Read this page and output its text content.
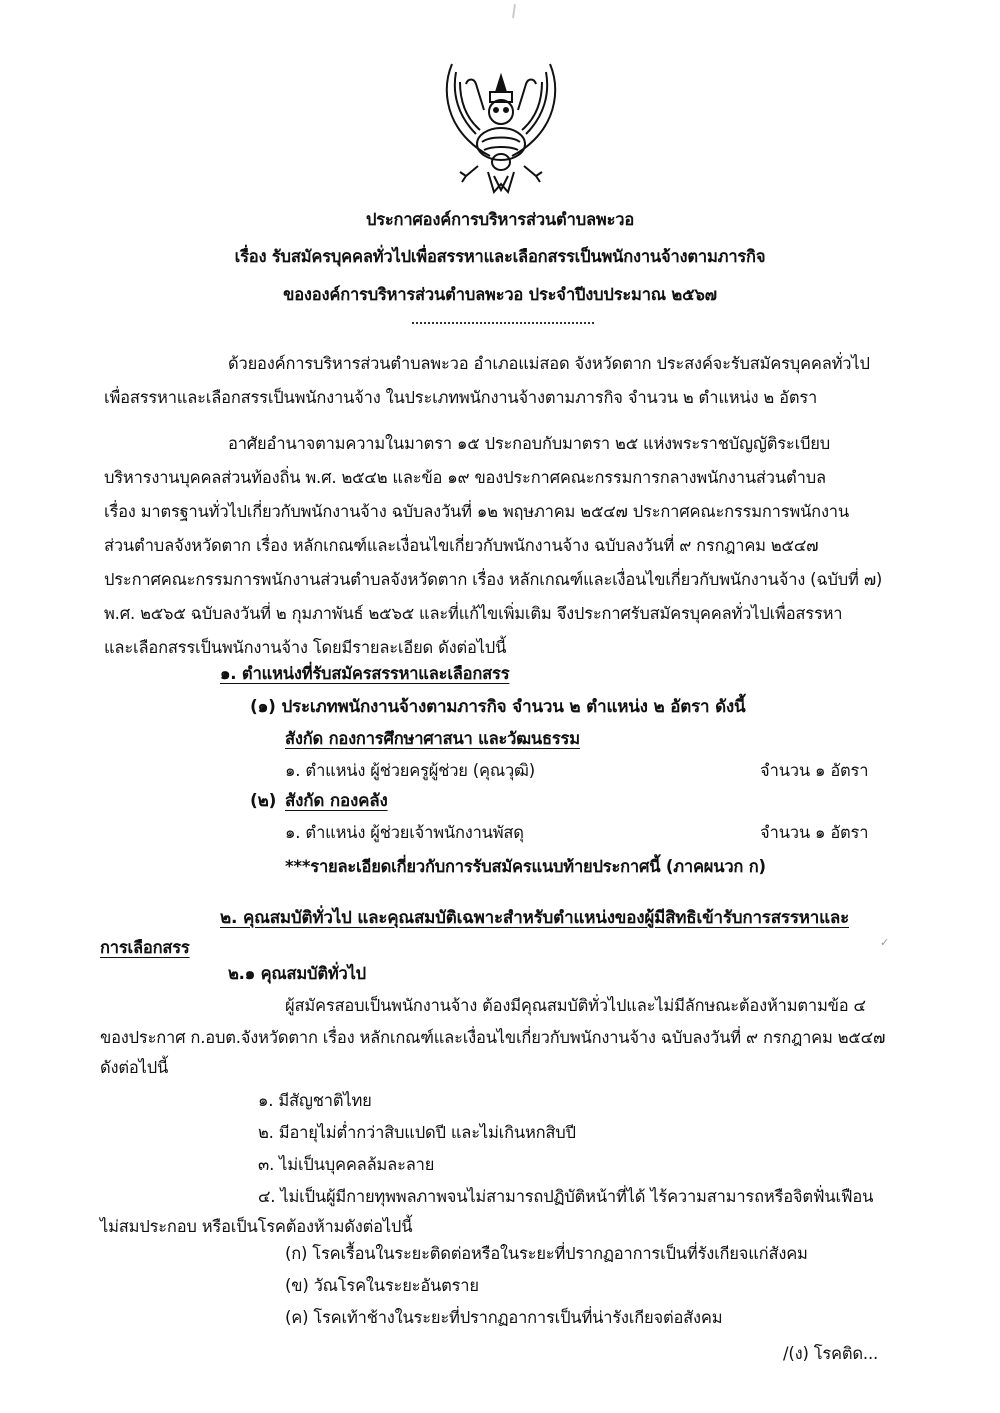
ประกาศองค์การบริหารส่วนตำบลพะวอ
เรื่อง รับสมัครบุคคลทั่วไปเพื่อสรรหาและเลือกสรรเป็นพนักงานจ้างตามภารกิจ
ขององค์การบริหารส่วนตำบลพะวอ ประจำปีงบประมาณ ๒๕๖๗
ด้วยองค์การบริหารส่วนตำบลพะวอ อำเภอแม่สอด จังหวัดตาก ประสงค์จะรับสมัครบุคคลทั่วไป
เพื่อสรรหาและเลือกสรรเป็นพนักงานจ้าง ในประเภทพนักงานจ้างตามภารกิจ จำนวน ๒ ตำแหน่ง ๒ อัตรา
อาศัยอำนาจตามความในมาตรา ๑๕ ประกอบกับมาตรา ๒๕ แห่งพระราชบัญญัติระเบียบ
บริหารงานบุคคลส่วนท้องถิ่น พ.ศ. ๒๕๔๒ และข้อ ๑๙ ของประกาศคณะกรรมการกลางพนักงานส่วนตำบล
เรื่อง มาตรฐานทั่วไปเกี่ยวกับพนักงานจ้าง ฉบับลงวันที่ ๑๒ พฤษภาคม ๒๕๔๗ ประกาศคณะกรรมการพนักงาน
ส่วนตำบลจังหวัดตาก เรื่อง หลักเกณฑ์และเงื่อนไขเกี่ยวกับพนักงานจ้าง ฉบับลงวันที่ ๙ กรกฎาคม ๒๕๔๗
ประกาศคณะกรรมการพนักงานส่วนตำบลจังหวัดตาก เรื่อง หลักเกณฑ์และเงื่อนไขเกี่ยวกับพนักงานจ้าง (ฉบับที่ ๗)
พ.ศ. ๒๕๖๕ ฉบับลงวันที่ ๒ กุมภาพันธ์ ๒๕๖๕ และที่แก้ไขเพิ่มเติม จึงประกาศรับสมัครบุคคลทั่วไปเพื่อสรรหา
และเลือกสรรเป็นพนักงานจ้าง โดยมีรายละเอียด ดังต่อไปนี้
๑. ตำแหน่งที่รับสมัครสรรหาและเลือกสรร
(๑) ประเภทพนักงานจ้างตามภารกิจ จำนวน ๒ ตำแหน่ง ๒ อัตรา ดังนี้
สังกัด กองการศึกษาศาสนา และวัฒนธรรม
๑. ตำแหน่ง ผู้ช่วยครูผู้ช่วย (คุณวุฒิ)	จำนวน ๑ อัตรา
(๒) สังกัด กองคลัง
๑. ตำแหน่ง ผู้ช่วยเจ้าพนักงานพัสดุ	จำนวน ๑ อัตรา
***รายละเอียดเกี่ยวกับการรับสมัครแนบท้ายประกาศนี้ (ภาคผนวก ก)
๒. คุณสมบัติทั่วไป และคุณสมบัติเฉพาะสำหรับตำแหน่งของผู้มีสิทธิเข้ารับการสรรหาและ
✓
การเลือกสรร
๒.๑ คุณสมบัติทั่วไป
ผู้สมัครสอบเป็นพนักงานจ้าง ต้องมีคุณสมบัติทั่วไปและไม่มีลักษณะต้องห้ามตามข้อ ๔
ของประกาศ ก.อบต.จังหวัดตาก เรื่อง หลักเกณฑ์และเงื่อนไขเกี่ยวกับพนักงานจ้าง ฉบับลงวันที่ ๙ กรกฎาคม ๒๕๔๗
ดังต่อไปนี้
๑. มีสัญชาติไทย
๒. มีอายุไม่ต่ำกว่าสิบแปดปี และไม่เกินหกสิบปี
๓. ไม่เป็นบุคคลล้มละลาย
๔. ไม่เป็นผู้มีกายทุพพลภาพจนไม่สามารถปฏิบัติหน้าที่ได้ ไร้ความสามารถหรือจิตฟั่นเฟือน
ไม่สมประกอบ หรือเป็นโรคต้องห้ามดังต่อไปนี้
(ก) โรคเรื้อนในระยะติดต่อหรือในระยะที่ปรากฏอาการเป็นที่รังเกียจแก่สังคม
(ข) วัณโรคในระยะอันตราย
(ค) โรคเท้าช้างในระยะที่ปรากฏอาการเป็นที่น่ารังเกียจต่อสังคม
/(ง) โรคติด...
